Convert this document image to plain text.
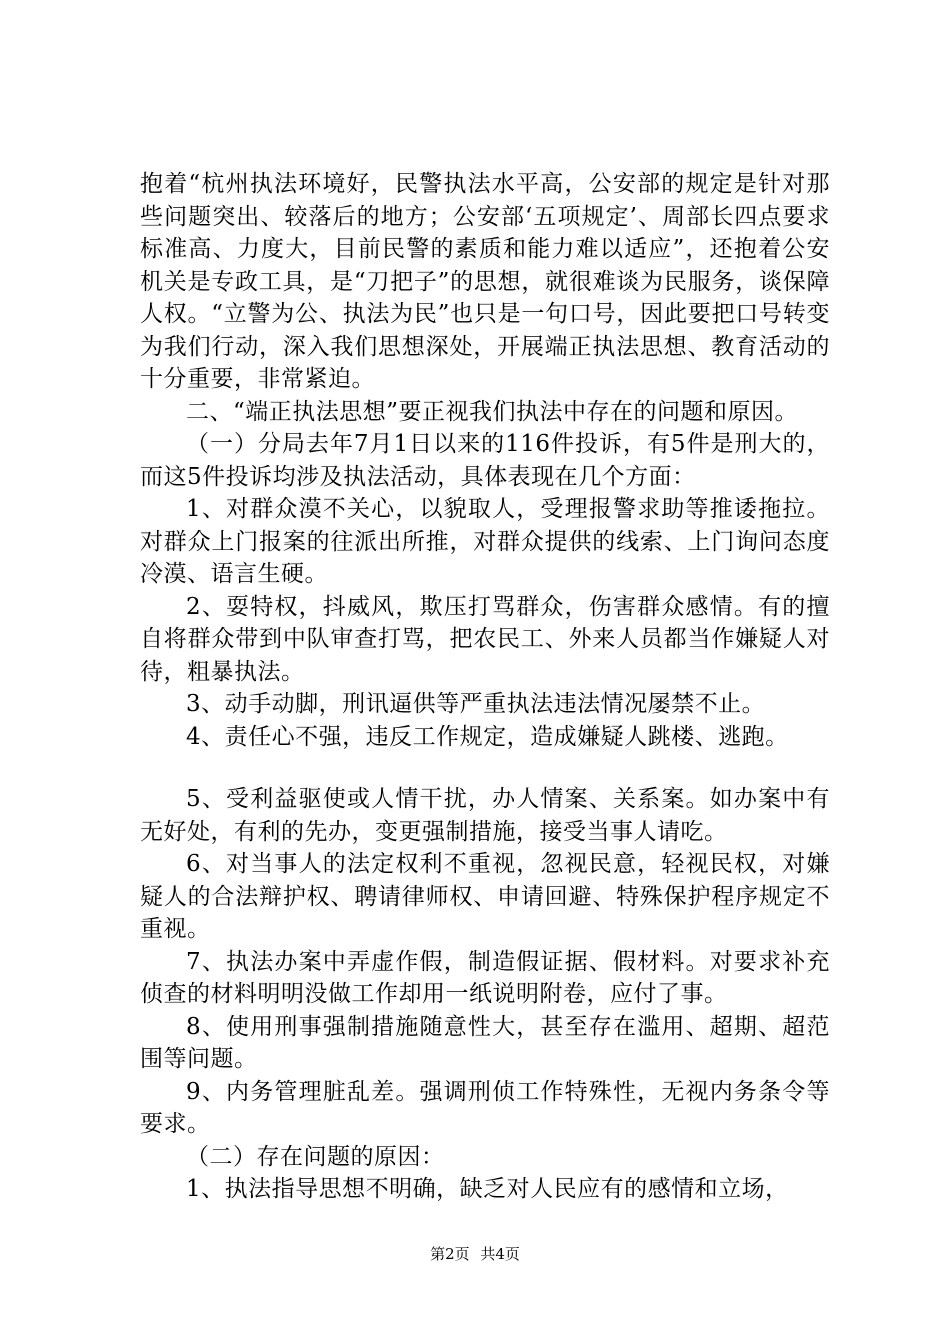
抱着“杭州执法环境好，民警执法水平高，公安部的规定是针对那些问题突出、较落后的地方；公安部‘五项规定’、周部长四点要求标准高、力度大，目前民警的素质和能力难以适应”，还抱着公安机关是专政工具，是“刀把子”的思想，就很难谈为民服务，谈保障人权。“立警为公、执法为民”也只是一句口号，因此要把口号转变为我们行动，深入我们思想深处，开展端正执法思想、教育活动的十分重要，非常紧迫。

二、“端正执法思想”要正视我们执法中存在的问题和原因。

（一）分局去年7月1日以来的116件投诉，有5件是刑大的，而这5件投诉均涉及执法活动，具体表现在几个方面：

1、对群众漠不关心，以貌取人，受理报警求助等推诿拖拉。对群众上门报案的往派出所推，对群众提供的线索、上门询问态度冷漠、语言生硬。

2、耍特权，抖威风，欺压打骂群众，伤害群众感情。有的擅自将群众带到中队审查打骂，把农民工、外来人员都当作嫌疑人对待，粗暴执法。

3、动手动脚，刑讯逼供等严重执法违法情况屡禁不止。

4、责任心不强，违反工作规定，造成嫌疑人跳楼、逃跑。

5、受利益驱使或人情干扰，办人情案、关系案。如办案中有无好处，有利的先办，变更强制措施，接受当事人请吃。

6、对当事人的法定权利不重视，忽视民意，轻视民权，对嫌疑人的合法辩护权、聘请律师权、申请回避、特殊保护程序规定不重视。

7、执法办案中弄虚作假，制造假证据、假材料。对要求补充侦查的材料明明没做工作却用一纸说明附卷，应付了事。

8、使用刑事强制措施随意性大，甚至存在滥用、超期、超范围等问题。

9、内务管理脏乱差。强调刑侦工作特殊性，无视内务条令等要求。

（二）存在问题的原因：

1、执法指导思想不明确，缺乏对人民应有的感情和立场，

第2页 共4页
